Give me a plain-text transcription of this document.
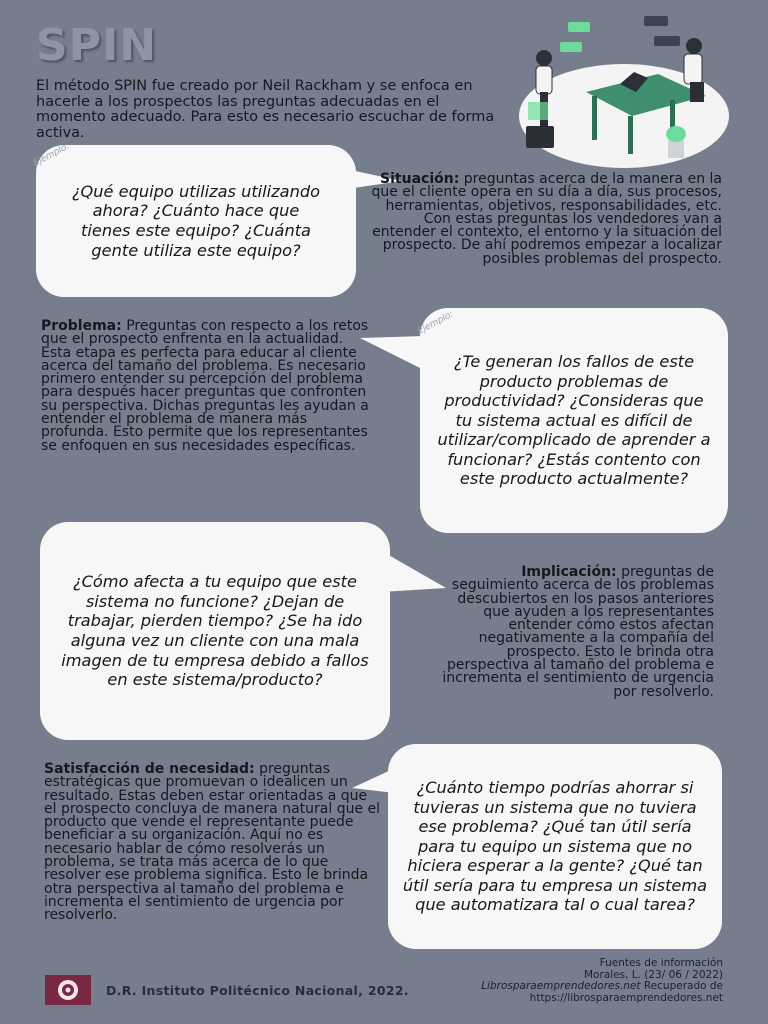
SPIN
El método SPIN fue creado por Neil Rackham y se enfoca en hacerle a los prospectos las preguntas adecuadas en el momento adecuado. Para esto es necesario escuchar de forma activa.
¿Qué equipo utilizas utilizando ahora? ¿Cuánto hace que tienes este equipo? ¿Cuánta gente utiliza este equipo?
Ejemplo:
Situación: preguntas acerca de la manera en la que el cliente opera en su día a día, sus procesos, herramientas, objetivos, responsabilidades, etc. Con estas preguntas los vendedores van a entender el contexto, el entorno y la situación del prospecto. De ahí podremos empezar a localizar posibles problemas del prospecto.
Problema: Preguntas con respecto a los retos que el prospecto enfrenta en la actualidad. Esta etapa es perfecta para educar al cliente acerca del tamaño del problema. Es necesario primero entender su percepción del problema para después hacer preguntas que confronten su perspectiva. Dichas preguntas les ayudan a entender el problema de manera más profunda. Esto permite que los representantes se enfoquen en sus necesidades específicas.
¿Te generan los fallos de este producto problemas de productividad? ¿Consideras que tu sistema actual es difícil de utilizar/complicado de aprender a funcionar? ¿Estás contento con este producto actualmente?
Ejemplo:
¿Cómo afecta a tu equipo que este sistema no funcione? ¿Dejan de trabajar, pierden tiempo? ¿Se ha ido alguna vez un cliente con una mala imagen de tu empresa debido a fallos en este sistema/producto?
Implicación: preguntas de seguimiento acerca de los problemas descubiertos en los pasos anteriores que ayuden a los representantes entender cómo estos afectan negativamente a la compañía del prospecto. Esto le brinda otra perspectiva al tamaño del problema e incrementa el sentimiento de urgencia por resolverlo.
Satisfacción de necesidad: preguntas estratégicas que promuevan o idealicen un resultado. Estas deben estar orientadas a que el prospecto concluya de manera natural que el producto que vende el representante puede beneficiar a su organización. Aquí no es necesario hablar de cómo resolverás un problema, se trata más acerca de lo que resolver ese problema significa. Esto le brinda otra perspectiva al tamaño del problema e incrementa el sentimiento de urgencia por resolverlo.
¿Cuánto tiempo podrías ahorrar si tuvieras un sistema que no tuviera ese problema? ¿Qué tan útil sería para tu equipo un sistema que no hiciera esperar a la gente? ¿Qué tan útil sería para tu empresa un sistema que automatizara tal o cual tarea?
Fuentes de información
Morales, L. (23/ 06 / 2022)
Librosparaemprendedores.net Recuperado de
https://librosparaemprendedores.net
D.R. Instituto Politécnico Nacional, 2022.
